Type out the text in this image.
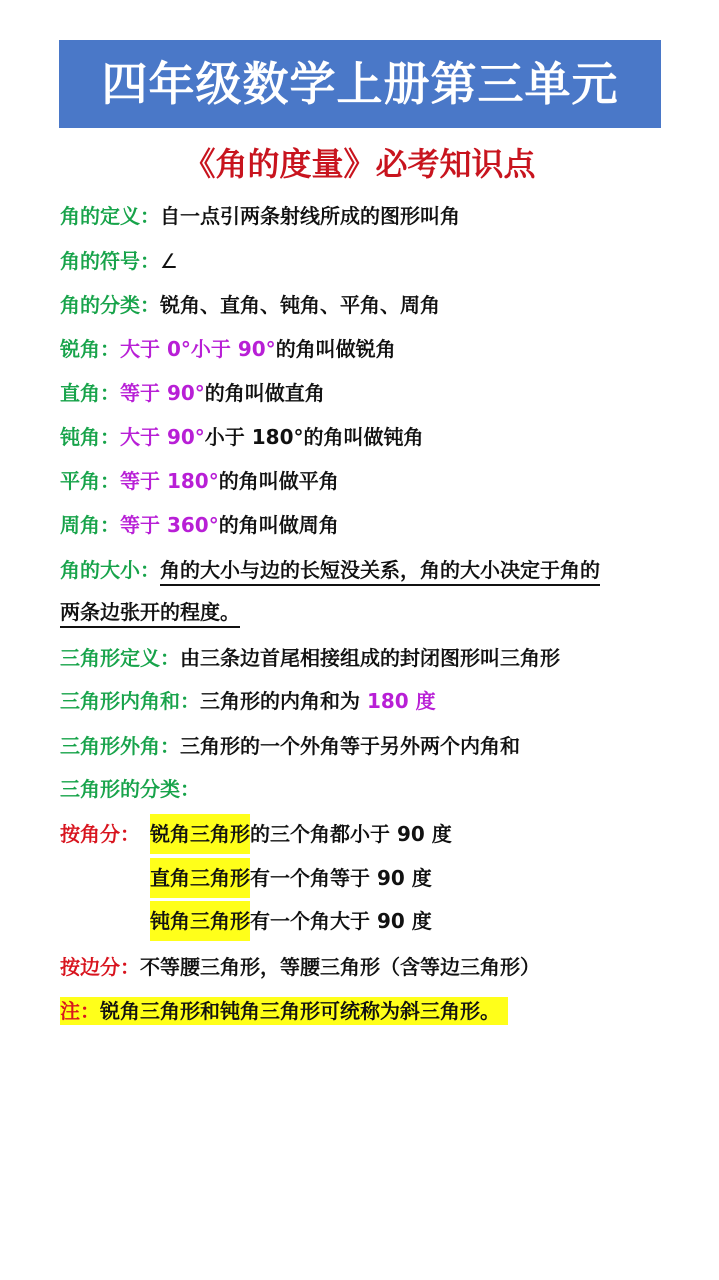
四年级数学上册第三单元
《角的度量》必考知识点
角的定义：自一点引两条射线所成的图形叫角
角的符号：∠
角的分类：锐角、直角、钝角、平角、周角
锐角：大于 0°小于 90°的角叫做锐角
直角：等于 90°的角叫做直角
钝角：大于 90°小于 180°的角叫做钝角
平角：等于 180°的角叫做平角
周角：等于 360°的角叫做周角
角的大小：角的大小与边的长短没关系，角的大小决定于角的
两条边张开的程度。
三角形定义：由三条边首尾相接组成的封闭图形叫三角形
三角形内角和：三角形的内角和为 180 度
三角形外角：三角形的一个外角等于另外两个内角和
三角形的分类：
按角分： 锐角三角形的三个角都小于 90 度
直角三角形有一个角等于 90 度
钝角三角形有一个角大于 90 度
按边分：不等腰三角形，等腰三角形（含等边三角形）
注：锐角三角形和钝角三角形可统称为斜三角形。
